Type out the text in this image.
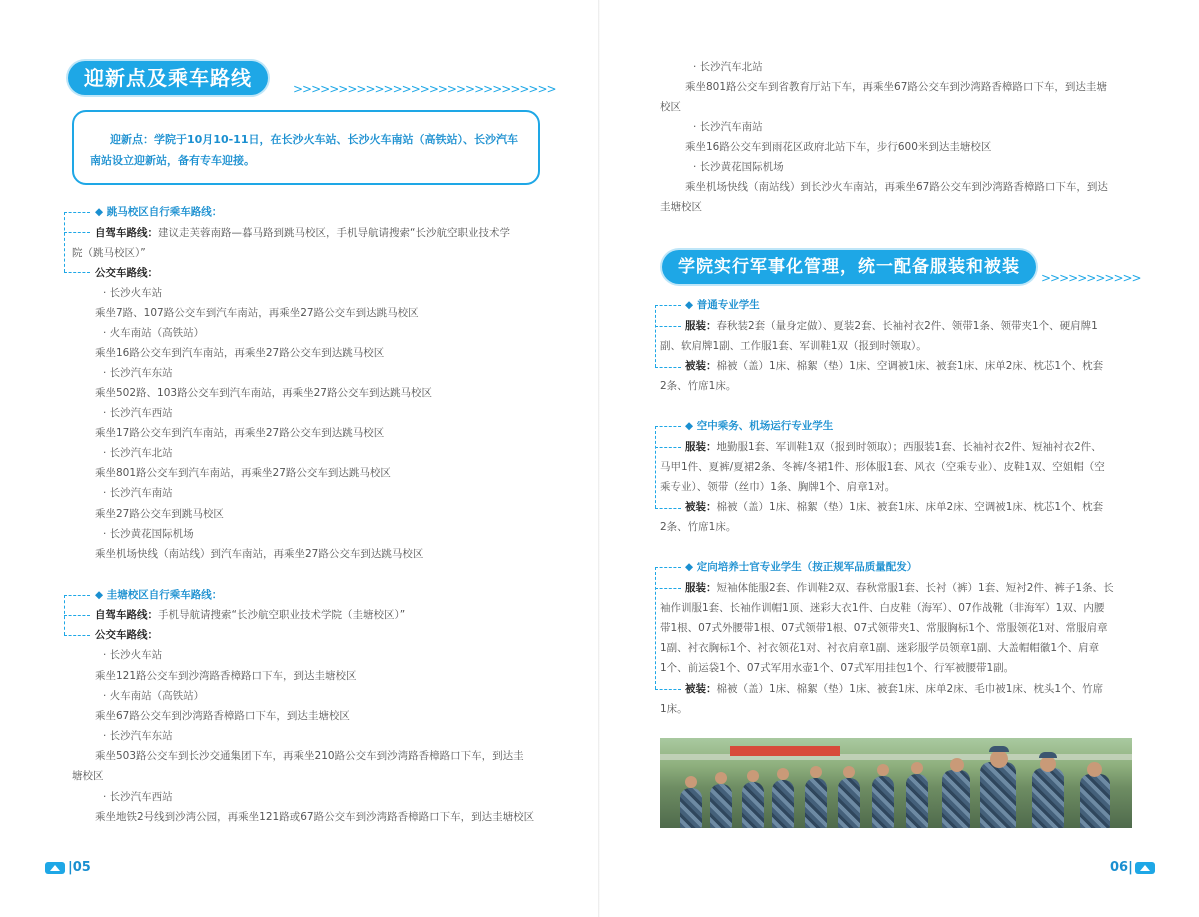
迎新点及乘车路线	>>>>>>>>>>>>>>>>>>>>>>>>>>>>>
迎新点：学院于10月10-11日，在长沙火车站、长沙火车南站（高铁站）、长沙汽车南站设立迎新站，备有专车迎接。
◆ 跳马校区自行乘车路线：
自驾车路线：建议走芙蓉南路—暮马路到跳马校区，手机导航请搜索“长沙航空职业技术学
院（跳马校区）”
公交车路线：
· 长沙火车站
乘坐7路、107路公交车到汽车南站，再乘坐27路公交车到达跳马校区
· 火车南站（高铁站）
乘坐16路公交车到汽车南站，再乘坐27路公交车到达跳马校区
· 长沙汽车东站
乘坐502路、103路公交车到汽车南站，再乘坐27路公交车到达跳马校区
· 长沙汽车西站
乘坐17路公交车到汽车南站，再乘坐27路公交车到达跳马校区
· 长沙汽车北站
乘坐801路公交车到汽车南站，再乘坐27路公交车到达跳马校区
· 长沙汽车南站
乘坐27路公交车到跳马校区
· 长沙黄花国际机场
乘坐机场快线（南站线）到汽车南站，再乘坐27路公交车到达跳马校区
◆ 圭塘校区自行乘车路线：
自驾车路线：手机导航请搜索“长沙航空职业技术学院（圭塘校区）”
公交车路线：
· 长沙火车站
乘坐121路公交车到沙湾路香樟路口下车，到达圭塘校区
· 火车南站（高铁站）
乘坐67路公交车到沙湾路香樟路口下车，到达圭塘校区
· 长沙汽车东站
乘坐503路公交车到长沙交通集团下车，再乘坐210路公交车到沙湾路香樟路口下车，到达圭
塘校区
· 长沙汽车西站
乘坐地铁2号线到沙湾公园，再乘坐121路或67路公交车到沙湾路香樟路口下车，到达圭塘校区
|05
· 长沙汽车北站
乘坐801路公交车到省教育厅站下车，再乘坐67路公交车到沙湾路香樟路口下车，到达圭塘
校区
· 长沙汽车南站
乘坐16路公交车到雨花区政府北站下车，步行600米到达圭塘校区
· 长沙黄花国际机场
乘坐机场快线（南站线）到长沙火车南站，再乘坐67路公交车到沙湾路香樟路口下车，到达
圭塘校区
学院实行军事化管理，统一配备服装和被装
>>>>>>>>>>>
◆ 普通专业学生
服装：春秋装2套（量身定做）、夏装2套、长袖衬衣2件、领带1条、领带夹1个、硬肩牌1
副、软肩牌1副、工作服1套、军训鞋1双（报到时领取）。
被装：棉被（盖）1床、棉絮（垫）1床、空调被1床、被套1床、床单2床、枕芯1个、枕套
2条、竹席1床。
◆ 空中乘务、机场运行专业学生
服装：地勤服1套、军训鞋1双（报到时领取）；西服装1套、长袖衬衣2件、短袖衬衣2件、
马甲1件、夏裤/夏裙2条、冬裤/冬裙1件、形体服1套、风衣（空乘专业）、皮鞋1双、空姐帽（空
乘专业）、领带（丝巾）1条、胸牌1个、肩章1对。
被装：棉被（盖）1床、棉絮（垫）1床、被套1床、床单2床、空调被1床、枕芯1个、枕套
2条、竹席1床。
◆ 定向培养士官专业学生（按正规军品质量配发）
服装：短袖体能服2套、作训鞋2双、春秋常服1套、长衬（裤）1套、短衬2件、裤子1条、长
袖作训服1套、长袖作训帽1顶、迷彩大衣1件、白皮鞋（海军）、07作战靴（非海军）1双、内腰
带1根、07式外腰带1根、07式领带1根、07式领带夹1、常服胸标1个、常服领花1对、常服肩章
1副、衬衣胸标1个、衬衣领花1对、衬衣肩章1副、迷彩服学员领章1副、大盖帽帽徽1个、肩章
1个、前运袋1个、07式军用水壶1个、07式军用挂包1个、行军被腰带1副。
被装：棉被（盖）1床、棉絮（垫）1床、被套1床、床单2床、毛巾被1床、枕头1个、竹席
1床。
06|
